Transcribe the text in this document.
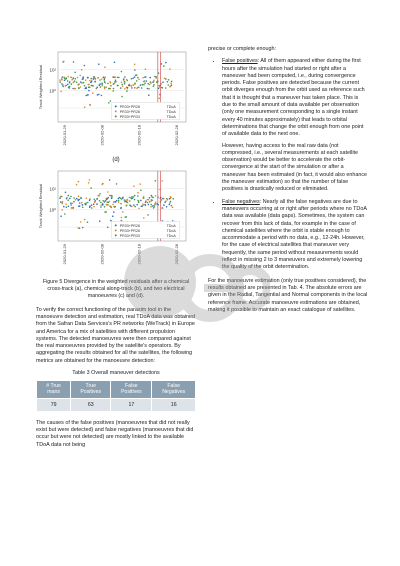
10¹
10⁰
Track Weighted Residual	PR33+PR28	TDoA
PR33+PR28	TDoA
PR33+PR33	TDoA
2020-01-29	2020-02-08	2020-02-18	2020-02-28
(d)
10¹
10⁰
Track Weighted Residual	PR33+PR28	TDoA
PR33+PR28	TDoA
PR33+PR33	TDoA
2020-01-29	2020-02-08	2020-02-18	2020-02-28
Figure 5 Divergence in the weighted residuals after a chemical cross-track (a), chemical along-track (b), and two electrical manoeuvres (c) and (d).

To verify the correct functioning of the parasim tool in the manoeuvre detection and estimation, real TDoA data was obtained from the Safran Data Services's PR networks (WeTrack) in Europe and America for a mix of satellites with different propulsion systems. The detected manoeuvres were then compared against the real manoeuvres provided by the satellite's operators. By aggregating the results obtained for all the satellites, the following metrics are obtained for the manoeuvre detection:

Table 3 Overall maneuver detections
# True mans	True Positives	False Positives	False Negatives
79	63	17	16

The causes of the false positives (manoeuvres that did not really exist but were detected) and false negatives (manoeuvres that did occur but were not detected) are mostly linked to the available TDoA data not being

precise or complete enough:

• False positives: All of them appeared either during the first hours after the simulation had started or right after a maneuver had been computed, i.e., during convergence periods. False positives are detected because the current orbit diverges enough from the orbit used as reference such that it is thought that a maneuver has taken place. This is due to the small amount of data available per observation (only one measurement corresponding to a single instant every 40 minutes approximately) that leads to orbital determinations that change the orbit enough from one point of available data to the next one.
However, having access to the real raw data (not compressed, i.e., several measurements at each satellite observation) would be better to accelerate the orbit-convergence at the start of the simulation or after a maneuver has been estimated (in fact, it would also enhance the maneuver estimation) so that the number of false positives is drastically reduced or eliminated.
• False negatives: Nearly all the false negatives are due to maneuvers occurring at or right after periods where no TDoA data was available (data gaps). Sometimes, the system can recover from this lack of data, for example in the case of chemical satellites where the orbit is stable enough to accommodate a period with no data, e.g., 12-24h. However, for the case of electrical satellites that maneuver very frequently, the same period without measurements would reflect in missing 2 to 3 maneuvers and extremely lowering the quality of the orbit determination.

For the manoeuvre estimation (only true positives considered), the results obtained are presented in Tab. 4. The absolute errors are given in the Radial, Tangential and Normal components in the local reference frame. Accurate manoeuvre estimations are obtained, making it possible to maintain an exact catalogue of satellites.
